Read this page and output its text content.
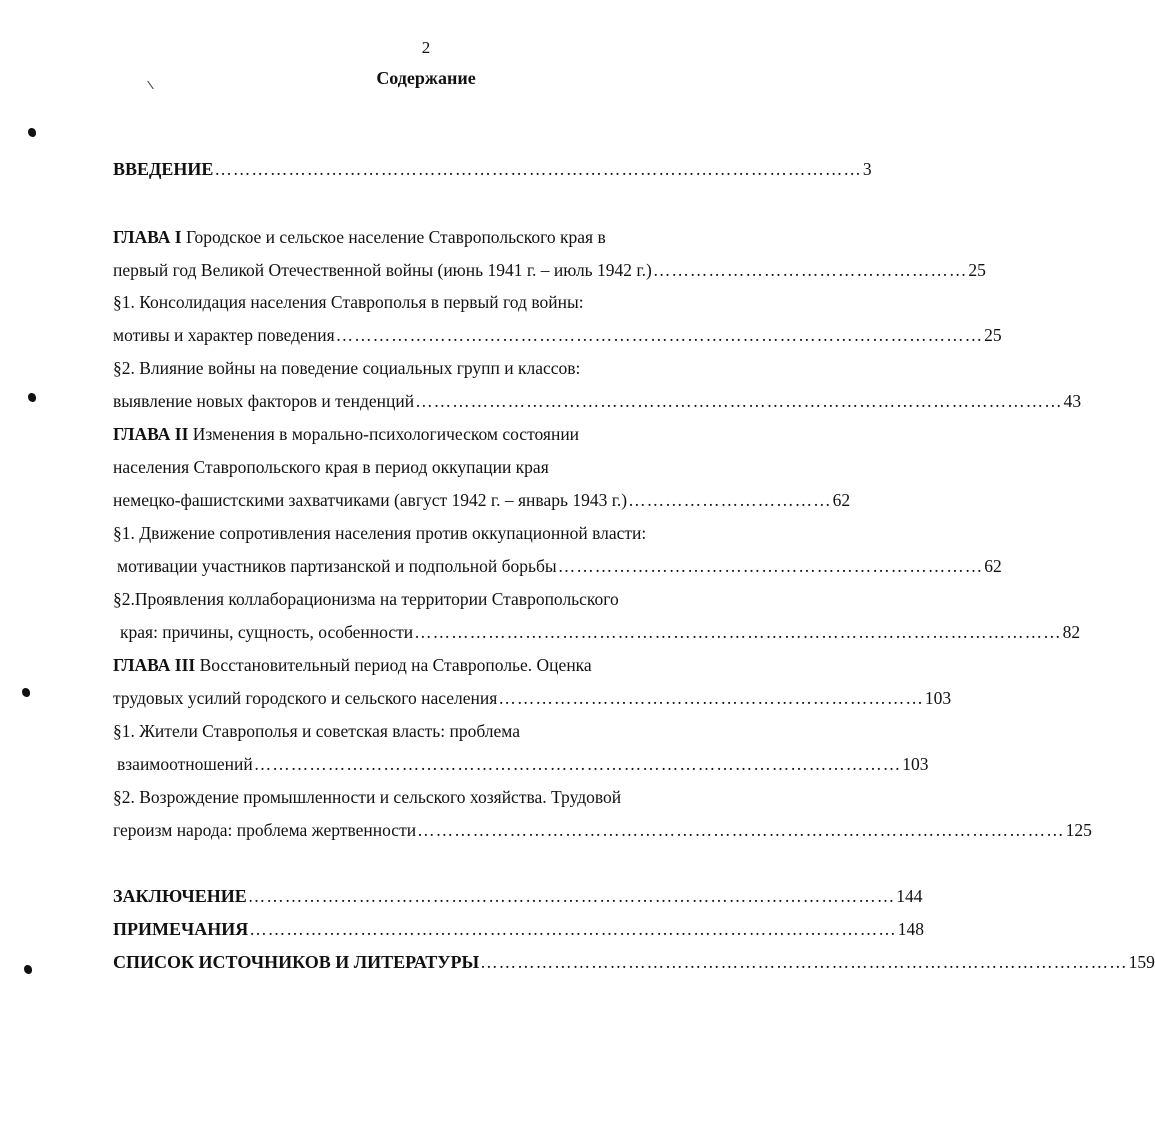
2
Содержание
ВВЕДЕНИЕ …………………………………………………………………………………………… 3
ГЛАВА I Городское и сельское население Ставропольского края в
первый год Великой Отечественной войны (июнь 1941 г. – июль 1942 г.) …………………………………………… 25
§1. Консолидация населения Ставрополья в первый год войны:
мотивы и характер поведения …………………………………………………………………………………………… 25
§2. Влияние войны на поведение социальных групп и классов:
выявление новых факторов и тенденций …………………………………………………………………………………………… 43
ГЛАВА II Изменения в морально-психологическом состоянии
населения Ставропольского края в период оккупации края
немецко-фашистскими захватчиками (август 1942 г. – январь 1943 г.) …………………………… 62
§1. Движение сопротивления населения против оккупационной власти:
мотивации участников партизанской и подпольной борьбы …………………………………………………………… 62
§2.Проявления коллаборационизма на территории Ставропольского
края: причины, сущность, особенности …………………………………………………………………………………………… 82
ГЛАВА III Восстановительный период на Ставрополье. Оценка
трудовых усилий городского и сельского населения …………………………………………………………… 103
§1. Жители Ставрополья и советская власть: проблема
взаимоотношений …………………………………………………………………………………………… 103
§2. Возрождение промышленности и сельского хозяйства. Трудовой
героизм народа: проблема жертвенности …………………………………………………………………………………………… 125
ЗАКЛЮЧЕНИЕ …………………………………………………………………………………………… 144
ПРИМЕЧАНИЯ …………………………………………………………………………………………… 148
СПИСОК ИСТОЧНИКОВ И ЛИТЕРАТУРЫ …………………………………………………………………………………………… 159
